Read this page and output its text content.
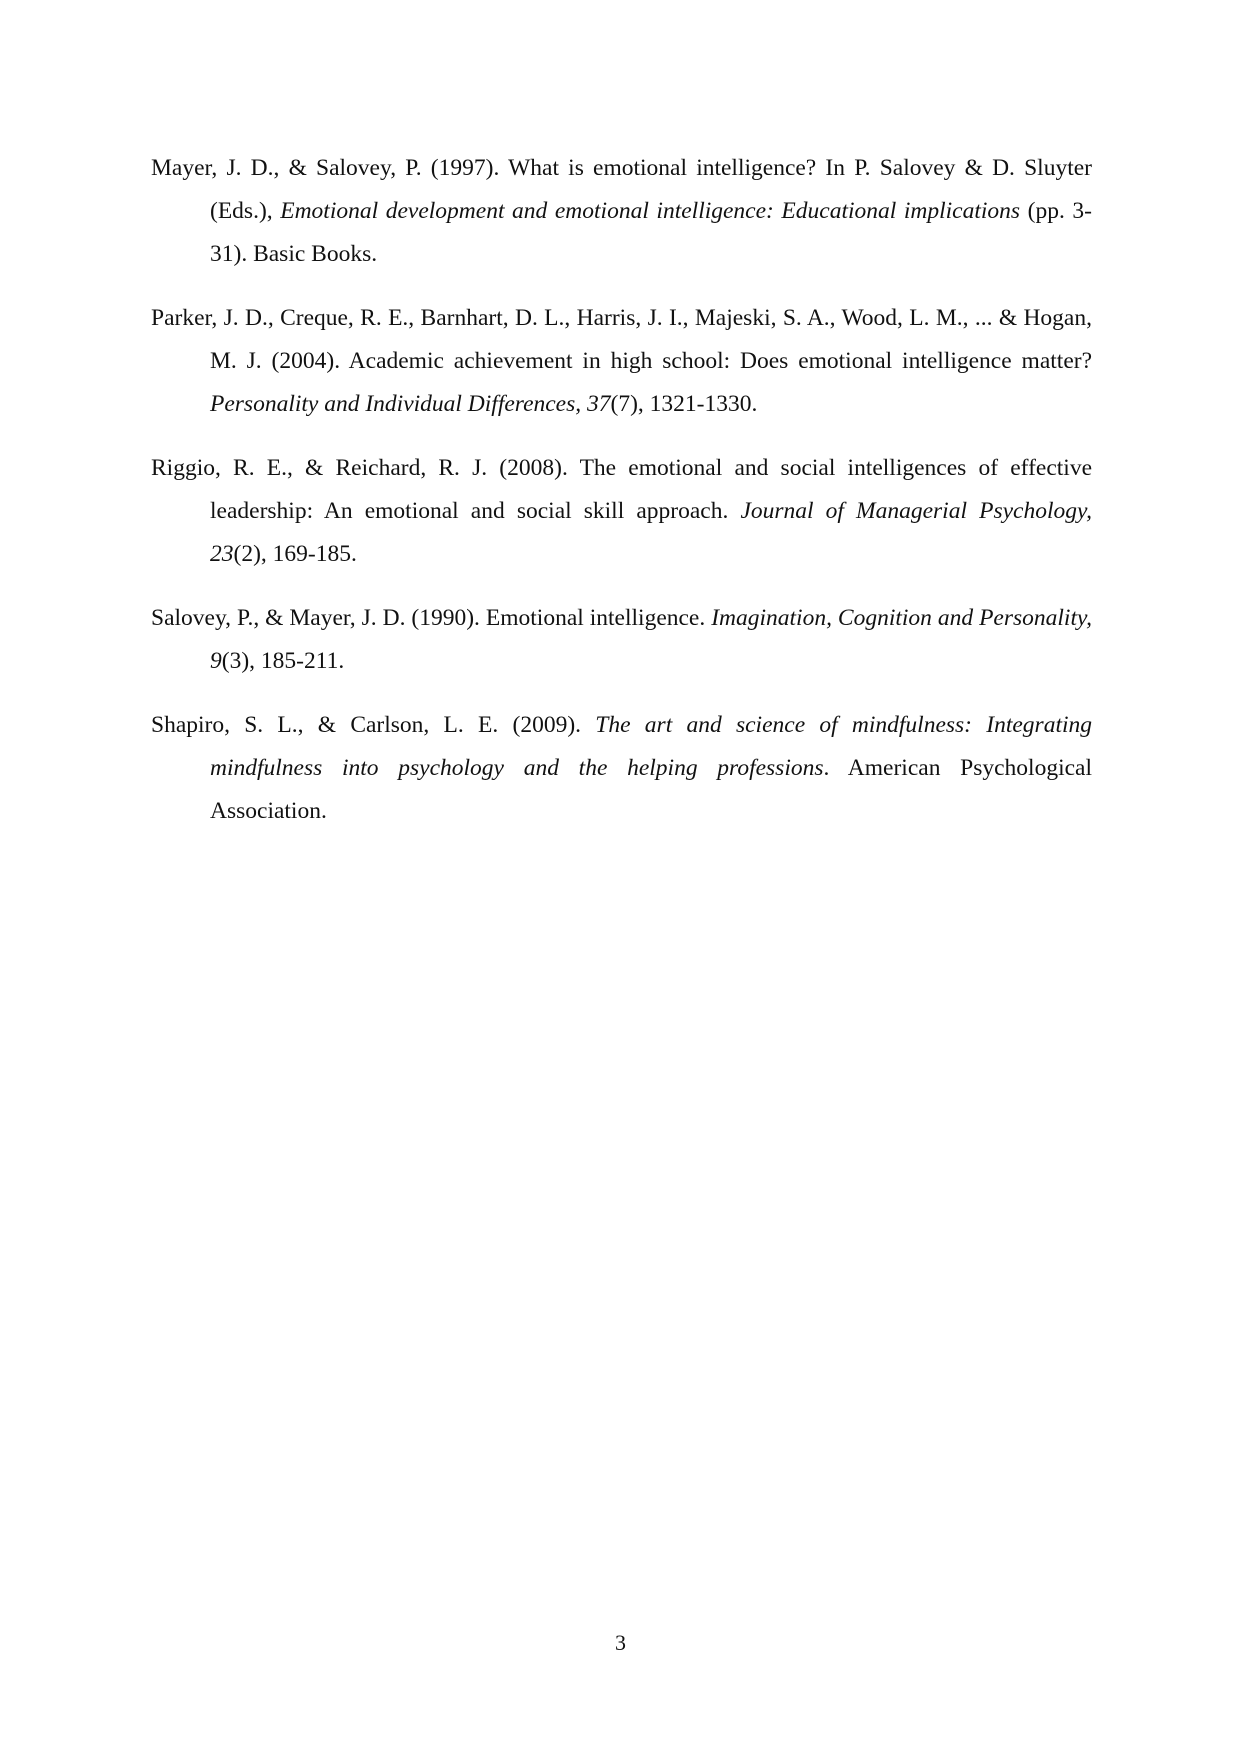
Mayer, J. D., & Salovey, P. (1997). What is emotional intelligence? In P. Salovey & D. Sluyter (Eds.), Emotional development and emotional intelligence: Educational implications (pp. 3-31). Basic Books.

Parker, J. D., Creque, R. E., Barnhart, D. L., Harris, J. I., Majeski, S. A., Wood, L. M., ... & Hogan, M. J. (2004). Academic achievement in high school: Does emotional intelligence matter? Personality and Individual Differences, 37(7), 1321-1330.

Riggio, R. E., & Reichard, R. J. (2008). The emotional and social intelligences of effective leadership: An emotional and social skill approach. Journal of Managerial Psychology, 23(2), 169-185.

Salovey, P., & Mayer, J. D. (1990). Emotional intelligence. Imagination, Cognition and Personality, 9(3), 185-211.

Shapiro, S. L., & Carlson, L. E. (2009). The art and science of mindfulness: Integrating mindfulness into psychology and the helping professions. American Psychological Association.

3
